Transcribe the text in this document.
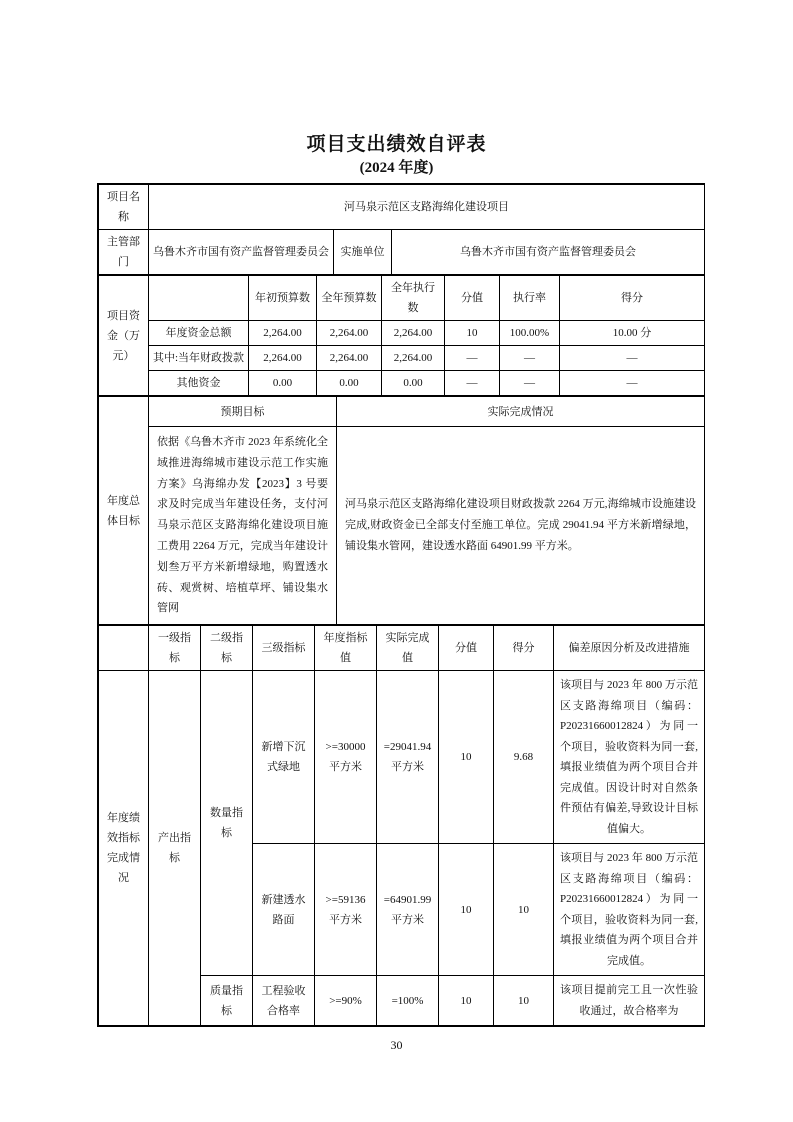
项目支出绩效自评表
(2024 年度)
项目名称	河马泉示范区支路海绵化建设项目		
主管部门	乌鲁木齐市国有资产监督管理委员会	实施单位	乌鲁木齐市国有资产监督管理委员会
项目资金（万元）		年初预算数	全年预算数	全年执行数	分值	执行率	得分
	年度资金总额	2,264.00	2,264.00	2,264.00	10	100.00%	10.00 分
	其中:当年财政拨款	2,264.00	2,264.00	2,264.00	—	—	—
	其他资金	0.00	0.00	0.00	—	—	—
年度总体目标	预期目标	实际完成情况
	依据《乌鲁木齐市 2023 年系统化全域推进海绵城市建设示范工作实施方案》乌海绵办发【2023】3 号要求及时完成当年建设任务，支付河马泉示范区支路海绵化建设项目施工费用 2264 万元，完成当年建设计划叁万平方米新增绿地，购置透水砖、观赏树、培植草坪、铺设集水管网	河马泉示范区支路海绵化建设项目财政拨款 2264 万元,海绵城市设施建设完成,财政资金已全部支付至施工单位。完成 29041.94 平方米新增绿地，铺设集水管网，建设透水路面 64901.99 平方米。
	一级指标	二级指标	三级指标	年度指标值	实际完成值	分值	得分	偏差原因分析及改进措施
年度绩效指标完成情况	产出指标	数量指标	新增下沉式绿地	>=30000 平方米	=29041.94 平方米	10	9.68	该项目与 2023 年 800 万示范区支路海绵项目（编码：P20231660012824）为同一个项目，验收资料为同一套,填报业绩值为两个项目合并完成值。因设计时对自然条件预估有偏差,导致设计目标值偏大。
			新建透水路面	>=59136 平方米	=64901.99 平方米	10	10	该项目与 2023 年 800 万示范区支路海绵项目（编码：P20231660012824）为同一个项目，验收资料为同一套,填报业绩值为两个项目合并完成值。
		质量指标	工程验收合格率	>=90%	=100%	10	10	该项目提前完工且一次性验收通过，故合格率为
30
